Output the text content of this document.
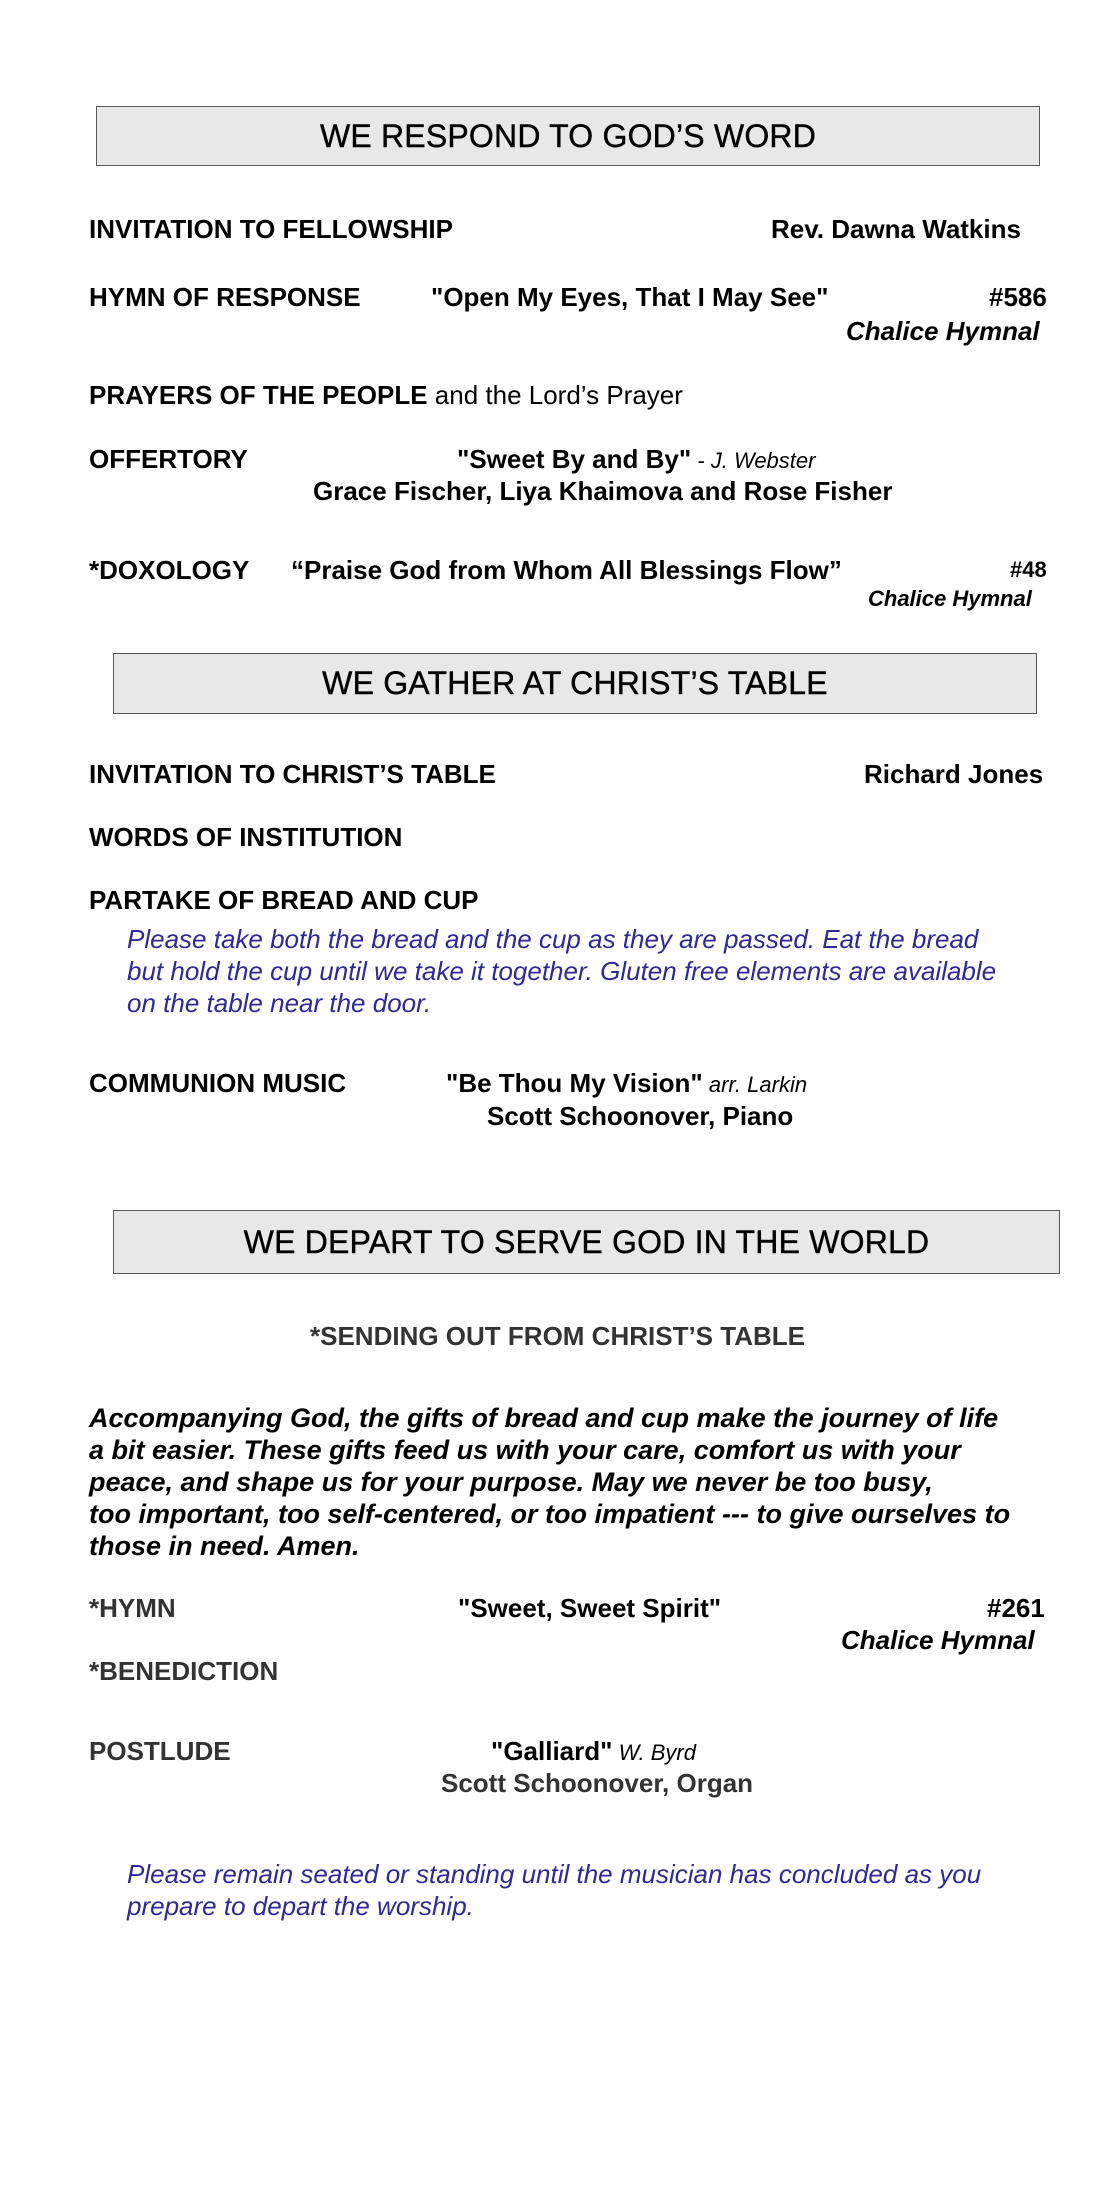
WE RESPOND TO GOD’S WORD
INVITATION TO FELLOWSHIP	Rev. Dawna Watkins
HYMN OF RESPONSE	"Open My Eyes, That I May See"	#586
Chalice Hymnal
PRAYERS OF THE PEOPLE and the Lord’s Prayer
OFFERTORY	"Sweet By and By" - J. Webster
Grace Fischer, Liya Khaimova and Rose Fisher
*DOXOLOGY “Praise God from Whom All Blessings Flow”	#48
Chalice Hymnal
WE GATHER AT CHRIST’S TABLE
INVITATION TO CHRIST’S TABLE	Richard Jones
WORDS OF INSTITUTION
PARTAKE OF BREAD AND CUP
Please take both the bread and the cup as they are passed. Eat the bread
but hold the cup until we take it together. Gluten free elements are available
on the table near the door.
COMMUNION MUSIC	"Be Thou My Vision" arr. Larkin
Scott Schoonover, Piano
WE DEPART TO SERVE GOD IN THE WORLD
*SENDING OUT FROM CHRIST’S TABLE
Accompanying God, the gifts of bread and cup make the journey of life
a bit easier. These gifts feed us with your care, comfort us with your
peace, and shape us for your purpose. May we never be too busy,
too important, too self-centered, or too impatient --- to give ourselves to
those in need. Amen.
*HYMN	"Sweet, Sweet Spirit"	#261
Chalice Hymnal
*BENEDICTION
POSTLUDE	"Galliard" W. Byrd
Scott Schoonover, Organ
Please remain seated or standing until the musician has concluded as you
prepare to depart the worship.
